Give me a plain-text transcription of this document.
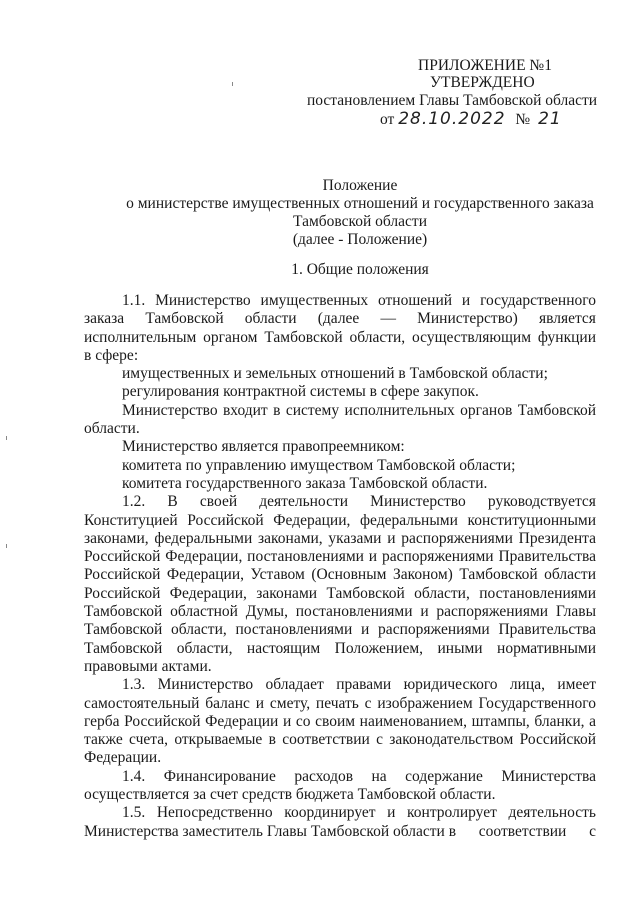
ПРИЛОЖЕНИЕ №1
УТВЕРЖДЕНО
постановлением Главы Тамбовской области
от 28.10.2022 № 21
Положение
о министерстве имущественных отношений и государственного заказа
Тамбовской области
(далее - Положение)
1. Общие положения
1.1. Министерство имущественных отношений и государственного
заказа Тамбовской области (далее — Министерство) является

исполнительным органом Тамбовской области, осуществляющим функции

в сфере:

имущественных и земельных отношений в Тамбовской области;

регулирования контрактной системы в сфере закупок.

Министерство входит в систему исполнительных органов Тамбовской области.

Министерство является правопреемником:

комитета по управлению имуществом Тамбовской области;

комитета государственного заказа Тамбовской области.

1.2. В своей деятельности Министерство руководствуется

Конституцией Российской Федерации, федеральными конституционными законами, федеральными законами, указами и распоряжениями Президента Российской Федерации, постановлениями и распоряжениями Правительства Российской Федерации, Уставом (Основным Законом) Тамбовской области Российской Федерации, законами Тамбовской области, постановлениями Тамбовской областной Думы, постановлениями и распоряжениями Главы Тамбовской области, постановлениями и распоряжениями Правительства Тамбовской области, настоящим Положением, иными нормативными правовыми актами.

1.3. Министерство обладает правами юридического лица, имеет самостоятельный баланс и смету, печать с изображением Государственного герба Российской Федерации и со своим наименованием, штампы, бланки, а также счета, открываемые в соответствии с законодательством Российской Федерации.

1.4. Финансирование расходов на содержание Министерства

осуществляется за счет средств бюджета Тамбовской области.

1.5. Непосредственно координирует и контролирует деятельность

Министерства заместитель Главы Тамбовской области в соответствии с
